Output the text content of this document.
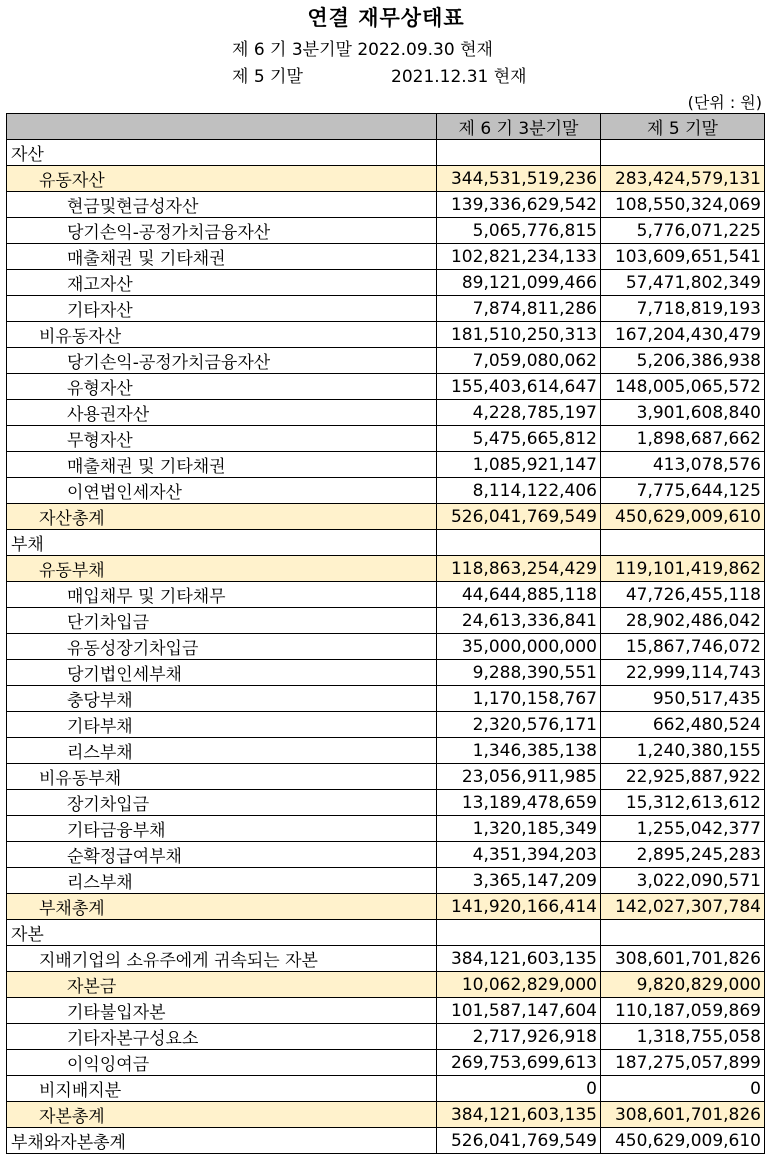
연결 재무상태표
제 6 기 3분기말 2022.09.30 현재
제 5 기말	2021.12.31 현재
(단위 : 원)
	제 6 기 3분기말	제 5 기말
자산		
유동자산	344,531,519,236	283,424,579,131
현금및현금성자산	139,336,629,542	108,550,324,069
당기손익-공정가치금융자산	5,065,776,815	5,776,071,225
매출채권 및 기타채권	102,821,234,133	103,609,651,541
재고자산	89,121,099,466	57,471,802,349
기타자산	7,874,811,286	7,718,819,193
비유동자산	181,510,250,313	167,204,430,479
당기손익-공정가치금융자산	7,059,080,062	5,206,386,938
유형자산	155,403,614,647	148,005,065,572
사용권자산	4,228,785,197	3,901,608,840
무형자산	5,475,665,812	1,898,687,662
매출채권 및 기타채권	1,085,921,147	413,078,576
이연법인세자산	8,114,122,406	7,775,644,125
자산총계	526,041,769,549	450,629,009,610
부채		
유동부채	118,863,254,429	119,101,419,862
매입채무 및 기타채무	44,644,885,118	47,726,455,118
단기차입금	24,613,336,841	28,902,486,042
유동성장기차입금	35,000,000,000	15,867,746,072
당기법인세부채	9,288,390,551	22,999,114,743
충당부채	1,170,158,767	950,517,435
기타부채	2,320,576,171	662,480,524
리스부채	1,346,385,138	1,240,380,155
비유동부채	23,056,911,985	22,925,887,922
장기차입금	13,189,478,659	15,312,613,612
기타금융부채	1,320,185,349	1,255,042,377
순확정급여부채	4,351,394,203	2,895,245,283
리스부채	3,365,147,209	3,022,090,571
부채총계	141,920,166,414	142,027,307,784
자본		
지배기업의 소유주에게 귀속되는 자본	384,121,603,135	308,601,701,826
자본금	10,062,829,000	9,820,829,000
기타불입자본	101,587,147,604	110,187,059,869
기타자본구성요소	2,717,926,918	1,318,755,058
이익잉여금	269,753,699,613	187,275,057,899
비지배지분	0	0
자본총계	384,121,603,135	308,601,701,826
부채와자본총계	526,041,769,549	450,629,009,610
